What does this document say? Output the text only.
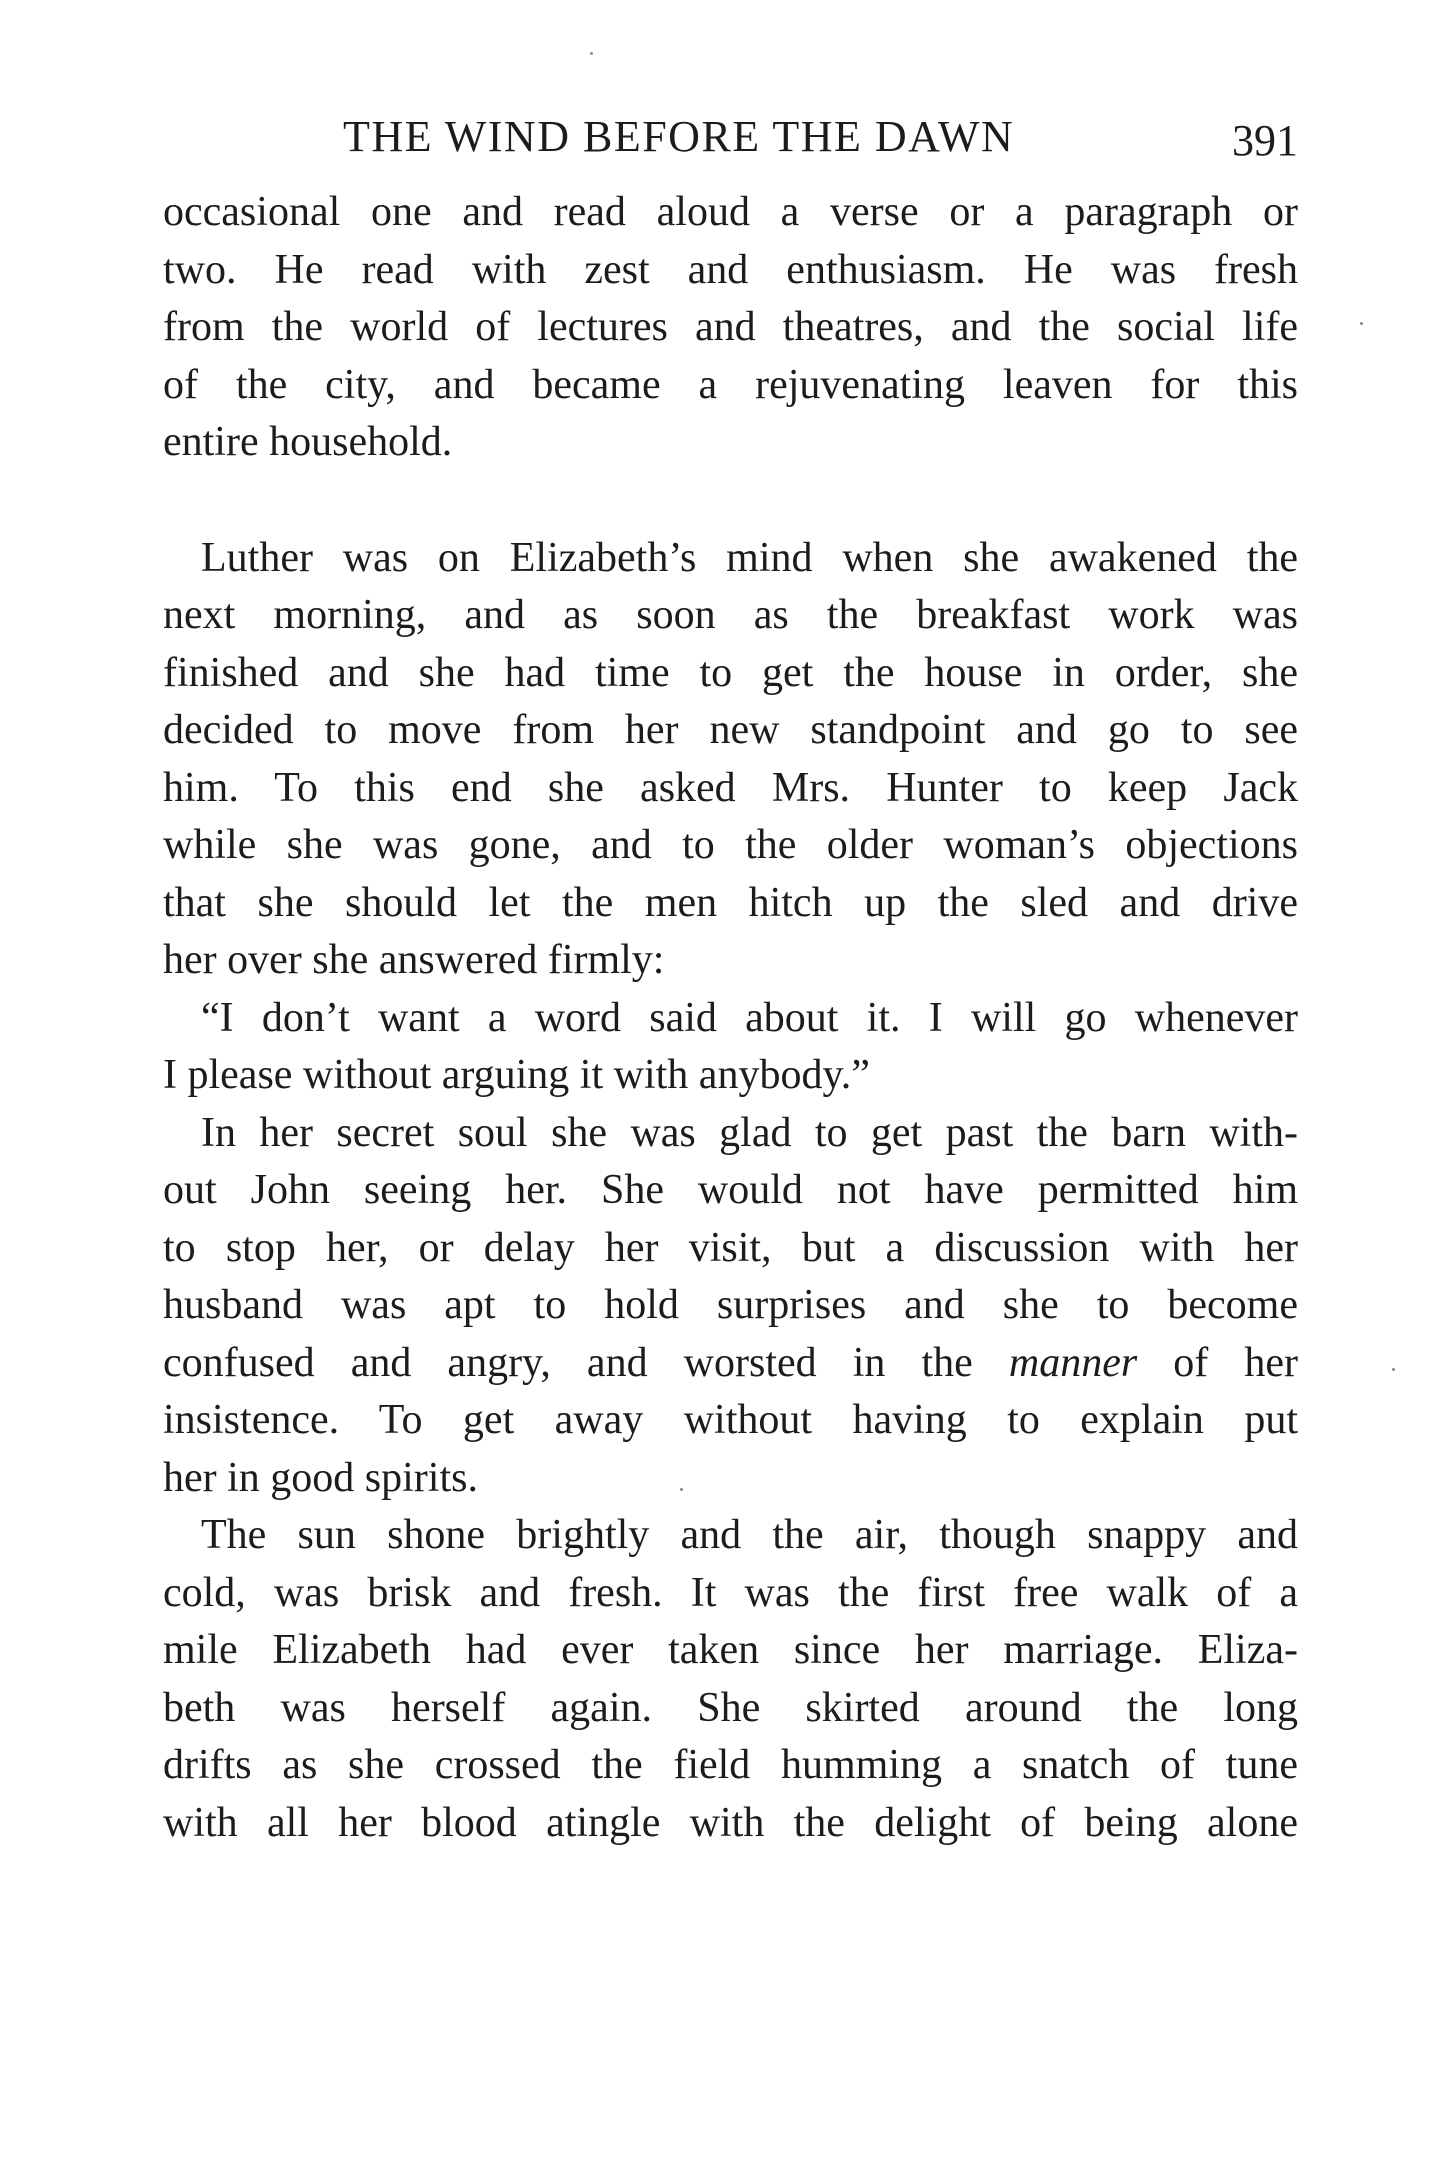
THE WIND BEFORE THE DAWN	391
occasional one and read aloud a verse or a paragraph or
two. He read with zest and enthusiasm. He was fresh
from the world of lectures and theatres, and the social life
of the city, and became a rejuvenating leaven for this
entire household.
Luther was on Elizabeth’s mind when she awakened the
next morning, and as soon as the breakfast work was
finished and she had time to get the house in order, she
decided to move from her new standpoint and go to see
him. To this end she asked Mrs. Hunter to keep Jack
while she was gone, and to the older woman’s objections
that she should let the men hitch up the sled and drive
her over she answered firmly:
“I don’t want a word said about it. I will go whenever
I please without arguing it with anybody.”
In her secret soul she was glad to get past the barn with-
out John seeing her. She would not have permitted him
to stop her, or delay her visit, but a discussion with her
husband was apt to hold surprises and she to become
confused and angry, and worsted in the manner of her
insistence. To get away without having to explain put
her in good spirits.
The sun shone brightly and the air, though snappy and
cold, was brisk and fresh. It was the first free walk of a
mile Elizabeth had ever taken since her marriage. Eliza-
beth was herself again. She skirted around the long
drifts as she crossed the field humming a snatch of tune
with all her blood atingle with the delight of being alone
